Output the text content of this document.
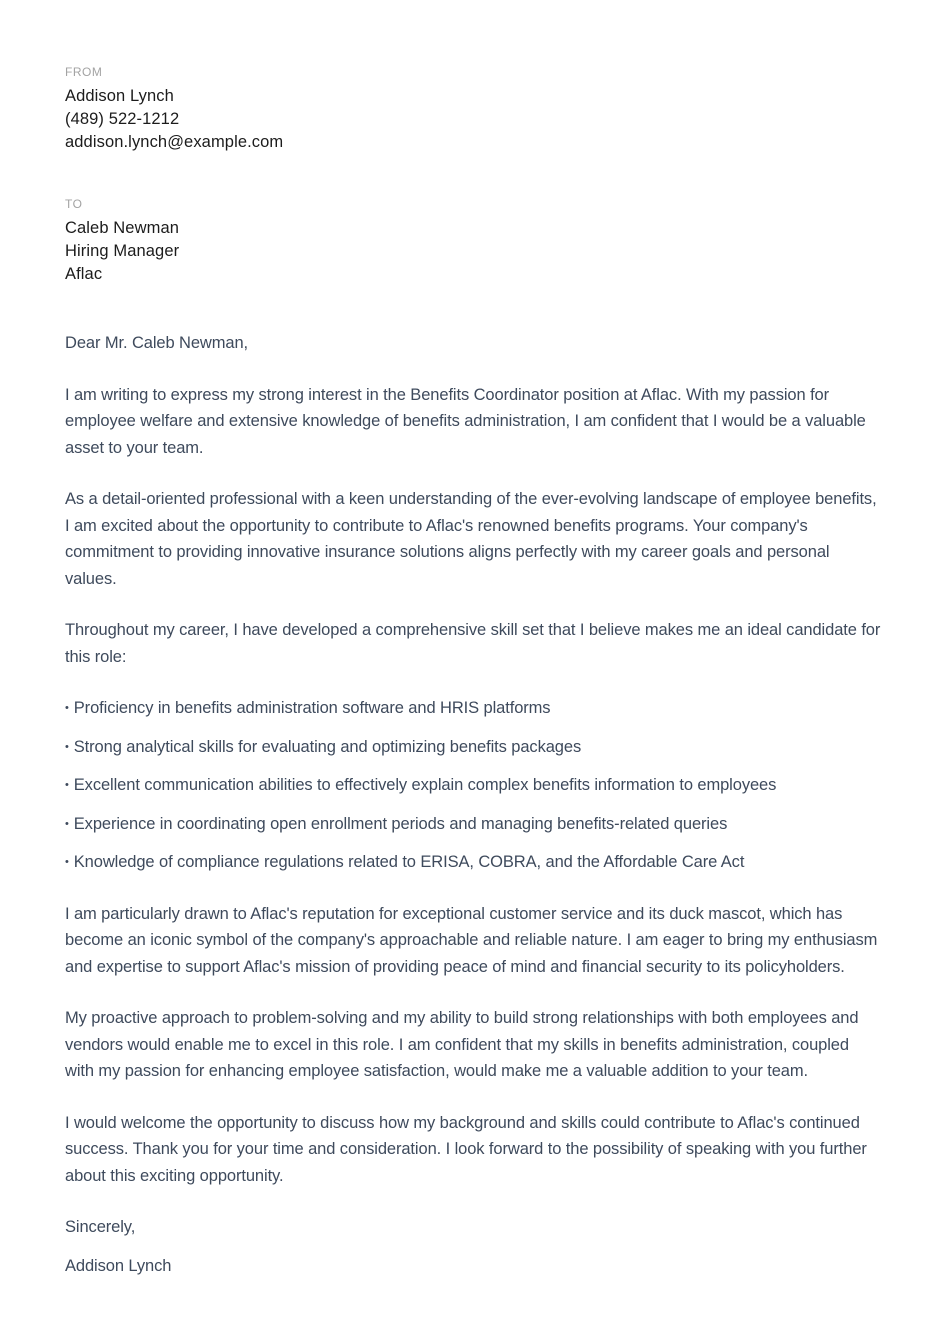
FROM
Addison Lynch
(489) 522-1212
addison.lynch@example.com
TO
Caleb Newman
Hiring Manager
Aflac

Dear Mr. Caleb Newman,

I am writing to express my strong interest in the Benefits Coordinator position at Aflac. With my passion for employee welfare and extensive knowledge of benefits administration, I am confident that I would be a valuable asset to your team.

As a detail-oriented professional with a keen understanding of the ever-evolving landscape of employee benefits, I am excited about the opportunity to contribute to Aflac's renowned benefits programs. Your company's commitment to providing innovative insurance solutions aligns perfectly with my career goals and personal values.

Throughout my career, I have developed a comprehensive skill set that I believe makes me an ideal candidate for this role:

• Proficiency in benefits administration software and HRIS platforms

• Strong analytical skills for evaluating and optimizing benefits packages

• Excellent communication abilities to effectively explain complex benefits information to employees

• Experience in coordinating open enrollment periods and managing benefits-related queries

• Knowledge of compliance regulations related to ERISA, COBRA, and the Affordable Care Act

I am particularly drawn to Aflac's reputation for exceptional customer service and its duck mascot, which has become an iconic symbol of the company's approachable and reliable nature. I am eager to bring my enthusiasm and expertise to support Aflac's mission of providing peace of mind and financial security to its policyholders.

My proactive approach to problem-solving and my ability to build strong relationships with both employees and vendors would enable me to excel in this role. I am confident that my skills in benefits administration, coupled with my passion for enhancing employee satisfaction, would make me a valuable addition to your team.

I would welcome the opportunity to discuss how my background and skills could contribute to Aflac's continued success. Thank you for your time and consideration. I look forward to the possibility of speaking with you further about this exciting opportunity.

Sincerely,

Addison Lynch
